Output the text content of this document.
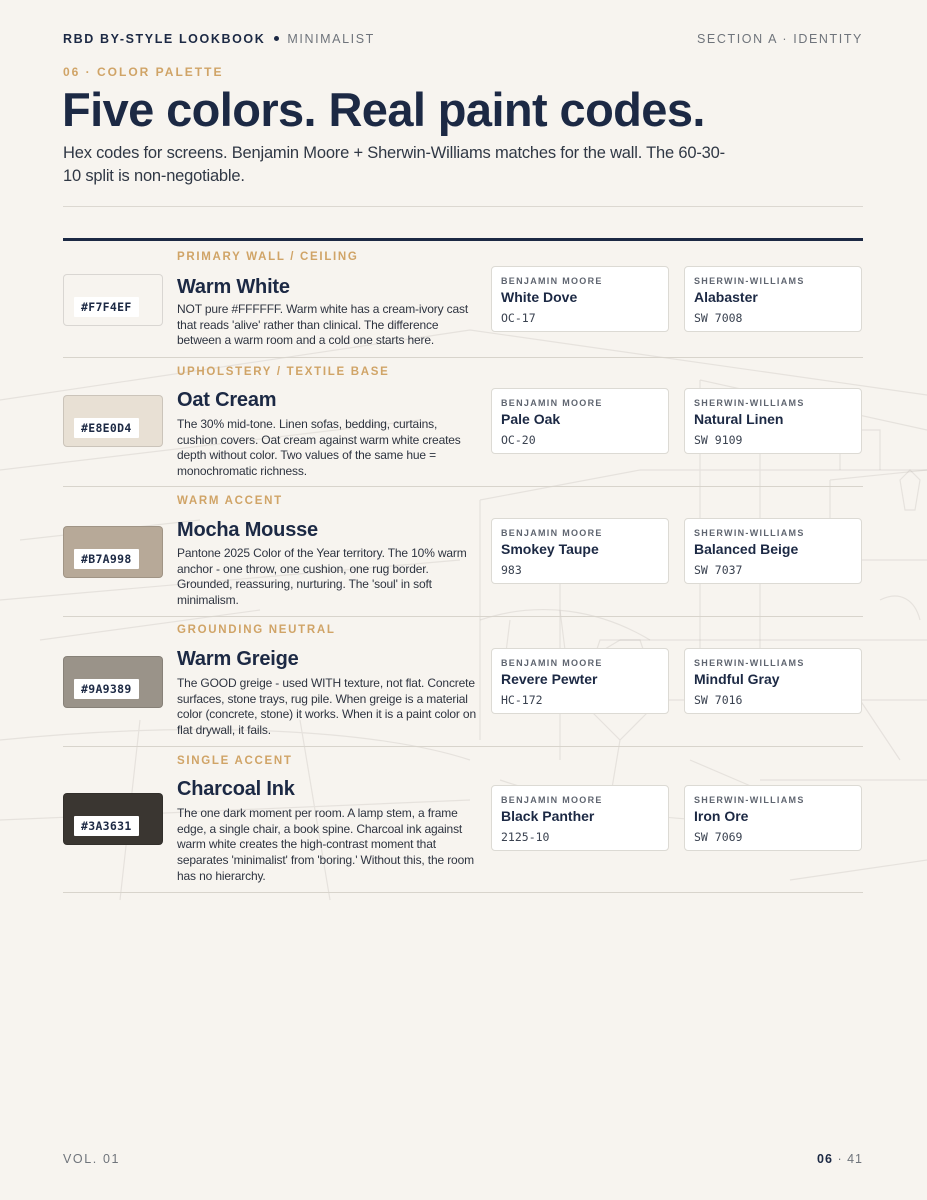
RBD BY-STYLE LOOKBOOK MINIMALIST	SECTION A · IDENTITY
06 · COLOR PALETTE
Five colors. Real paint codes.

Hex codes for screens. Benjamin Moore + Sherwin-Williams matches for the wall. The 60-30-10 split is non-negotiable.

#F7F4EF
PRIMARY WALL / CEILING
Warm White
NOT pure #FFFFFF. Warm white has a cream-ivory cast that reads 'alive' rather than clinical. The difference between a warm room and a cold one starts here.
BENJAMIN MOORE
White Dove
OC-17
SHERWIN-WILLIAMS
Alabaster
SW 7008
#E8E0D4
UPHOLSTERY / TEXTILE BASE
Oat Cream
The 30% mid-tone. Linen sofas, bedding, curtains, cushion covers. Oat cream against warm white creates depth without color. Two values of the same hue = monochromatic richness.
BENJAMIN MOORE
Pale Oak
OC-20
SHERWIN-WILLIAMS
Natural Linen
SW 9109
#B7A998
WARM ACCENT
Mocha Mousse
Pantone 2025 Color of the Year territory. The 10% warm anchor - one throw, one cushion, one rug border. Grounded, reassuring, nurturing. The 'soul' in soft minimalism.
BENJAMIN MOORE
Smokey Taupe
983
SHERWIN-WILLIAMS
Balanced Beige
SW 7037
#9A9389
GROUNDING NEUTRAL
Warm Greige
The GOOD greige - used WITH texture, not flat. Concrete surfaces, stone trays, rug pile. When greige is a material color (concrete, stone) it works. When it is a paint color on flat drywall, it fails.
BENJAMIN MOORE
Revere Pewter
HC-172
SHERWIN-WILLIAMS
Mindful Gray
SW 7016
#3A3631
SINGLE ACCENT
Charcoal Ink
The one dark moment per room. A lamp stem, a frame edge, a single chair, a book spine. Charcoal ink against warm white creates the high-contrast moment that separates 'minimalist' from 'boring.' Without this, the room has no hierarchy.
BENJAMIN MOORE
Black Panther
2125-10
SHERWIN-WILLIAMS
Iron Ore
SW 7069
VOL. 01	06 · 41
